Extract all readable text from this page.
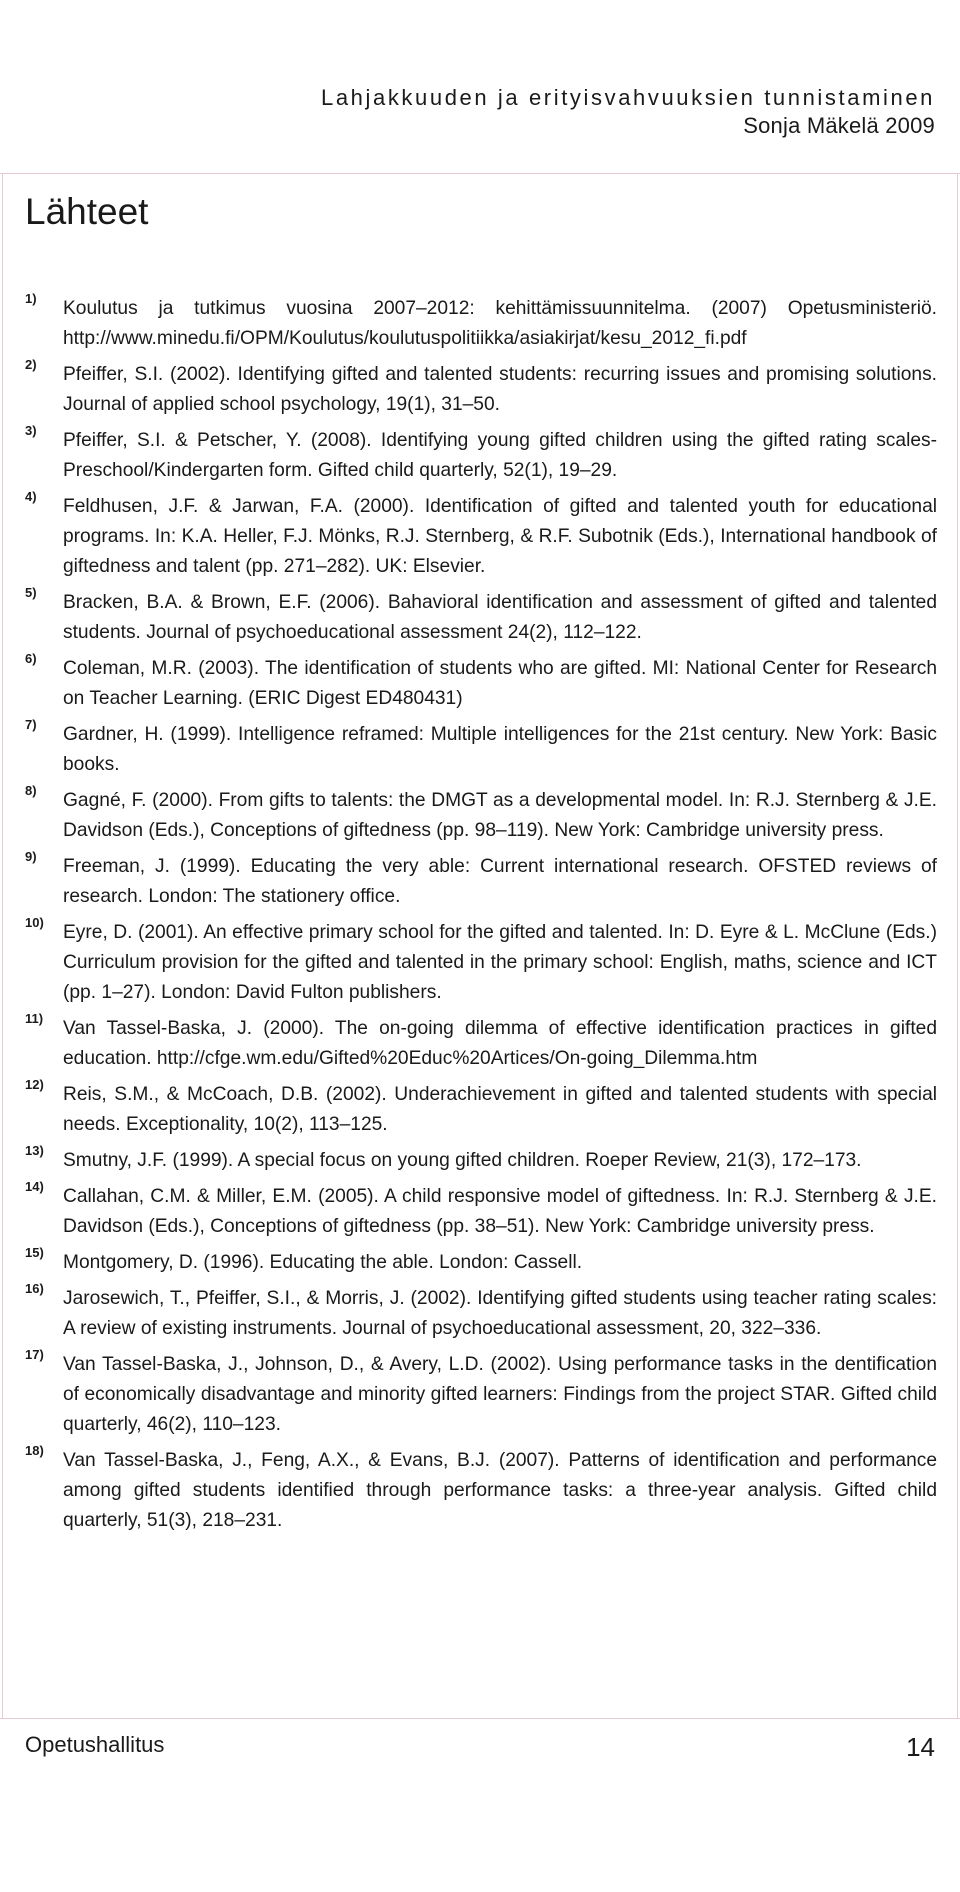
Lahjakkuuden ja erityisvahvuuksien tunnistaminen
Sonja Mäkelä 2009
Lähteet
1) Koulutus ja tutkimus vuosina 2007–2012: kehittämissuunnitelma. (2007) Opetusministeriö. http://www.minedu.fi/OPM/Koulutus/koulutuspolitiikka/asiakirjat/kesu_2012_fi.pdf
2) Pfeiffer, S.I. (2002). Identifying gifted and talented students: recurring issues and promising solutions. Journal of applied school psychology, 19(1), 31–50.
3) Pfeiffer, S.I. & Petscher, Y. (2008). Identifying young gifted children using the gifted rating scales-Preschool/Kindergarten form. Gifted child quarterly, 52(1), 19–29.
4) Feldhusen, J.F. & Jarwan, F.A. (2000). Identification of gifted and talented youth for educational programs. In: K.A. Heller, F.J. Mönks, R.J. Sternberg, & R.F. Subotnik (Eds.), International handbook of giftedness and talent (pp. 271–282). UK: Elsevier.
5) Bracken, B.A. & Brown, E.F. (2006). Bahavioral identification and assessment of gifted and talented students. Journal of psychoeducational assessment 24(2), 112–122.
6) Coleman, M.R. (2003). The identification of students who are gifted. MI: National Center for Research on Teacher Learning. (ERIC Digest ED480431)
7) Gardner, H. (1999). Intelligence reframed: Multiple intelligences for the 21st century. New York: Basic books.
8) Gagné, F. (2000). From gifts to talents: the DMGT as a developmental model. In: R.J. Sternberg & J.E. Davidson (Eds.), Conceptions of giftedness (pp. 98–119). New York: Cambridge university press.
9) Freeman, J. (1999). Educating the very able: Current international research. OFSTED reviews of research. London: The stationery office.
10) Eyre, D. (2001). An effective primary school for the gifted and talented. In: D. Eyre & L. McClune (Eds.) Curriculum provision for the gifted and talented in the primary school: English, maths, science and ICT (pp. 1–27). London: David Fulton publishers.
11) Van Tassel-Baska, J. (2000). The on-going dilemma of effective identification practices in gifted education. http://cfge.wm.edu/Gifted%20Educ%20Artices/On-going_Dilemma.htm
12) Reis, S.M., & McCoach, D.B. (2002). Underachievement in gifted and talented students with special needs. Exceptionality, 10(2), 113–125.
13) Smutny, J.F. (1999). A special focus on young gifted children. Roeper Review, 21(3), 172–173.
14) Callahan, C.M. & Miller, E.M. (2005). A child responsive model of giftedness. In: R.J. Sternberg & J.E. Davidson (Eds.), Conceptions of giftedness (pp. 38–51). New York: Cambridge university press.
15) Montgomery, D. (1996). Educating the able. London: Cassell.
16) Jarosewich, T., Pfeiffer, S.I., & Morris, J. (2002). Identifying gifted students using teacher rating scales: A review of existing instruments. Journal of psychoeducational assessment, 20, 322–336.
17) Van Tassel-Baska, J., Johnson, D., & Avery, L.D. (2002). Using performance tasks in the dentification of economically disadvantage and minority gifted learners: Findings from the project STAR. Gifted child quarterly, 46(2), 110–123.
18) Van Tassel-Baska, J., Feng, A.X., & Evans, B.J. (2007). Patterns of identification and performance among gifted students identified through performance tasks: a three-year analysis. Gifted child quarterly, 51(3), 218–231.
Opetushallitus	14
